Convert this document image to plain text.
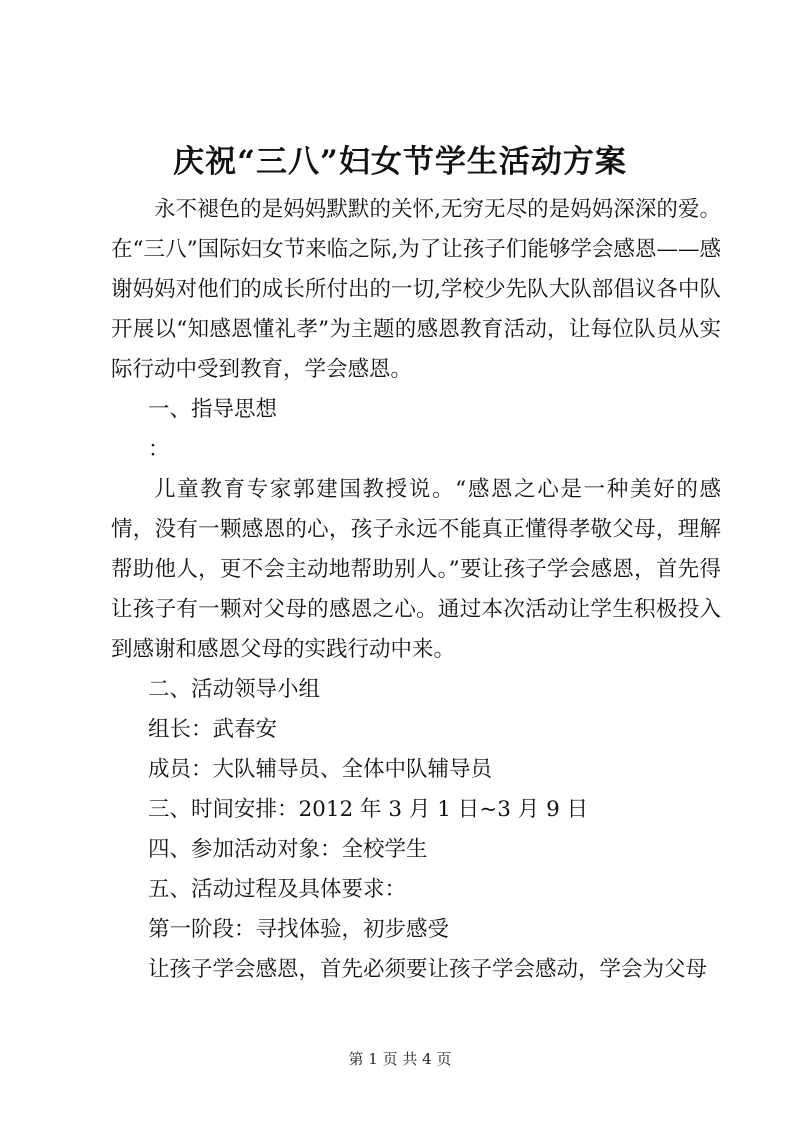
庆祝“三八”妇女节学生活动方案

永不褪色的是妈妈默默的关怀,无穷无尽的是妈妈深深的爱。在“三八”国际妇女节来临之际,为了让孩子们能够学会感恩——感谢妈妈对他们的成长所付出的一切,学校少先队大队部倡议各中队开展以“知感恩懂礼孝”为主题的感恩教育活动，让每位队员从实际行动中受到教育，学会感恩。

一、指导思想

：

儿童教育专家郭建国教授说。“感恩之心是一种美好的感情，没有一颗感恩的心，孩子永远不能真正懂得孝敬父母，理解帮助他人，更不会主动地帮助别人。”要让孩子学会感恩，首先得让孩子有一颗对父母的感恩之心。通过本次活动让学生积极投入到感谢和感恩父母的实践行动中来。

二、活动领导小组

组长：武春安

成员：大队辅导员、全体中队辅导员

三、时间安排：2012 年 3 月 1 日~3 月 9 日

四、参加活动对象：全校学生

五、活动过程及具体要求：

第一阶段：寻找体验，初步感受

让孩子学会感恩，首先必须要让孩子学会感动，学会为父母

第 1 页 共 4 页
